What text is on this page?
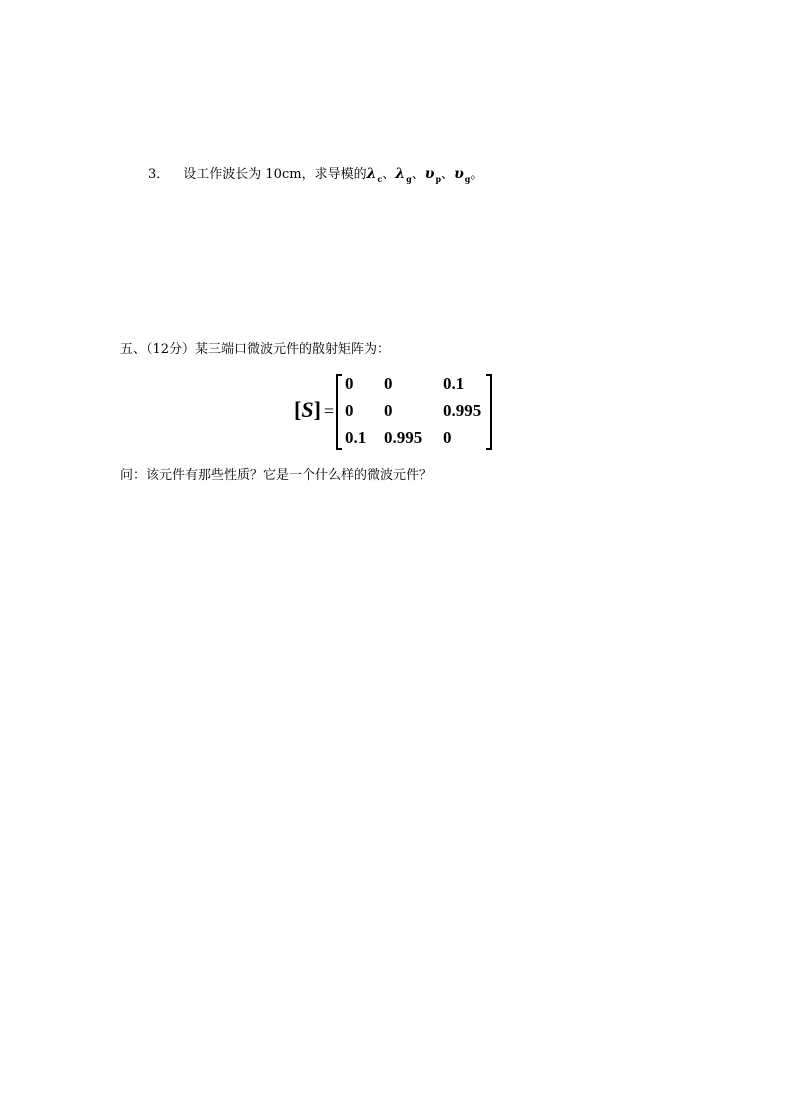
3． 设工作波长为 10cm，求导模的$\lambda_c$、$\lambda_g$、$\upsilon_p$、$\upsilon_g$。
五、（12分）某三端口微波元件的散射矩阵为：
[S] =
0 0	0.1
0 0	0.995
0.1 0.995 0
问：该元件有那些性质？它是一个什么样的微波元件？
